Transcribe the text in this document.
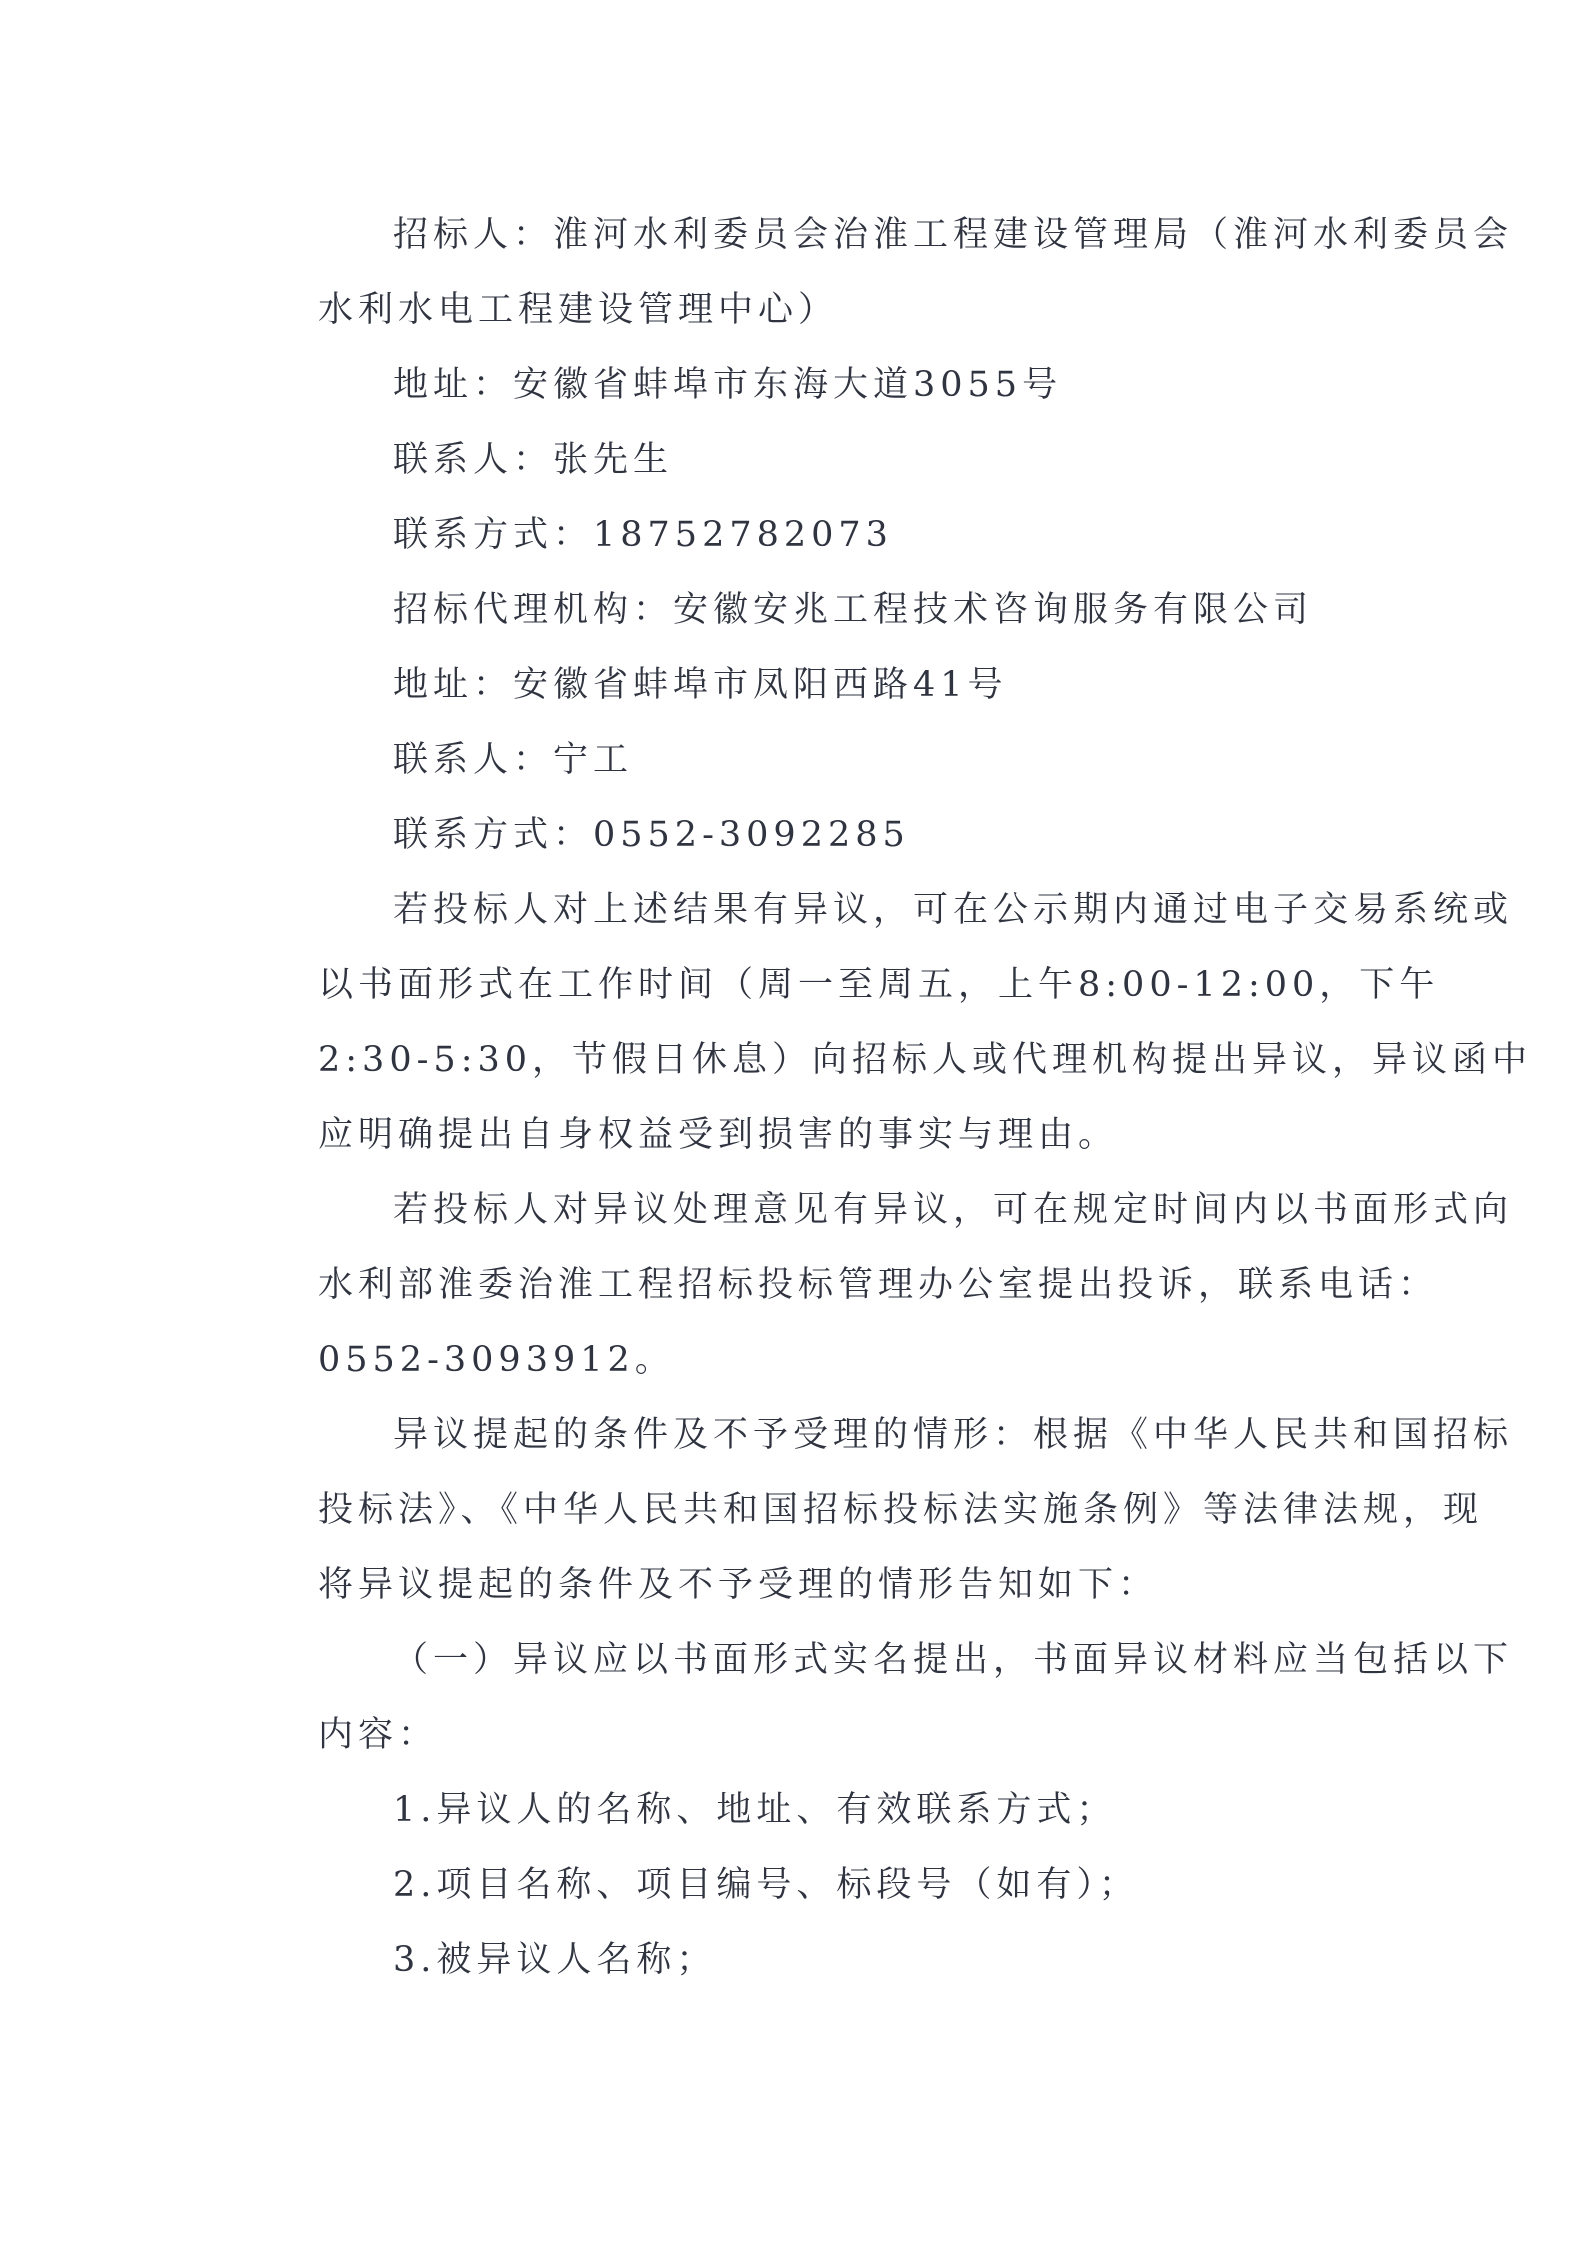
招标人：淮河水利委员会治淮工程建设管理局（淮河水利委员会
水利水电工程建设管理中心）
地址：安徽省蚌埠市东海大道3055号
联系人：张先生
联系方式：18752782073
招标代理机构：安徽安兆工程技术咨询服务有限公司
地址：安徽省蚌埠市凤阳西路41号
联系人：宁工
联系方式：0552-3092285
若投标人对上述结果有异议，可在公示期内通过电子交易系统或
以书面形式在工作时间（周一至周五，上午8:00-12:00，下午
2:30-5:30，节假日休息）向招标人或代理机构提出异议，异议函中
应明确提出自身权益受到损害的事实与理由。
若投标人对异议处理意见有异议，可在规定时间内以书面形式向
水利部淮委治淮工程招标投标管理办公室提出投诉，联系电话：
0552-3093912。
异议提起的条件及不予受理的情形：根据《中华人民共和国招标
投标法》、《中华人民共和国招标投标法实施条例》等法律法规，现
将异议提起的条件及不予受理的情形告知如下：
（一）异议应以书面形式实名提出，书面异议材料应当包括以下
内容：
1.异议人的名称、地址、有效联系方式；
2.项目名称、项目编号、标段号（如有）；
3.被异议人名称；
